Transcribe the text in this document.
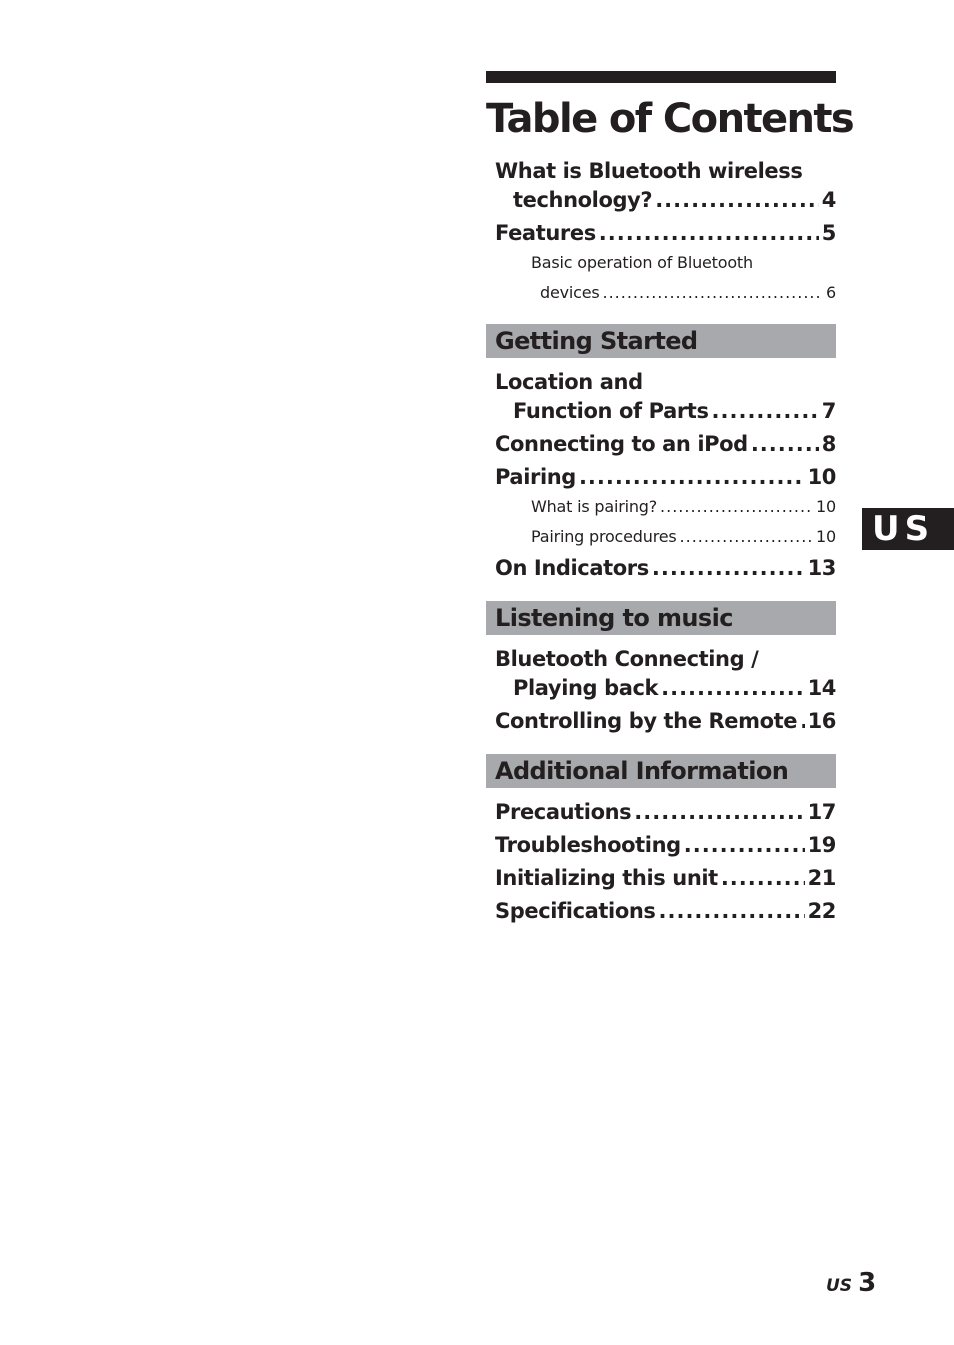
Table of Contents
What is Bluetooth wireless
technology? .....	4
Features .....	5
Basic operation of Bluetooth
devices .....	6
Getting Started
Location and
Function of Parts .....	7
Connecting to an iPod .....	8
Pairing .....	10
What is pairing? .....	10
Pairing procedures .....	10
On Indicators .....	13
Listening to music
Bluetooth Connecting /
Playing back .....	14
Controlling by the Remote ..... 16
Additional Information
Precautions .....	17
Troubleshooting .....	19
Initializing this unit .....	21
Specifications .....	22
US
US 3
